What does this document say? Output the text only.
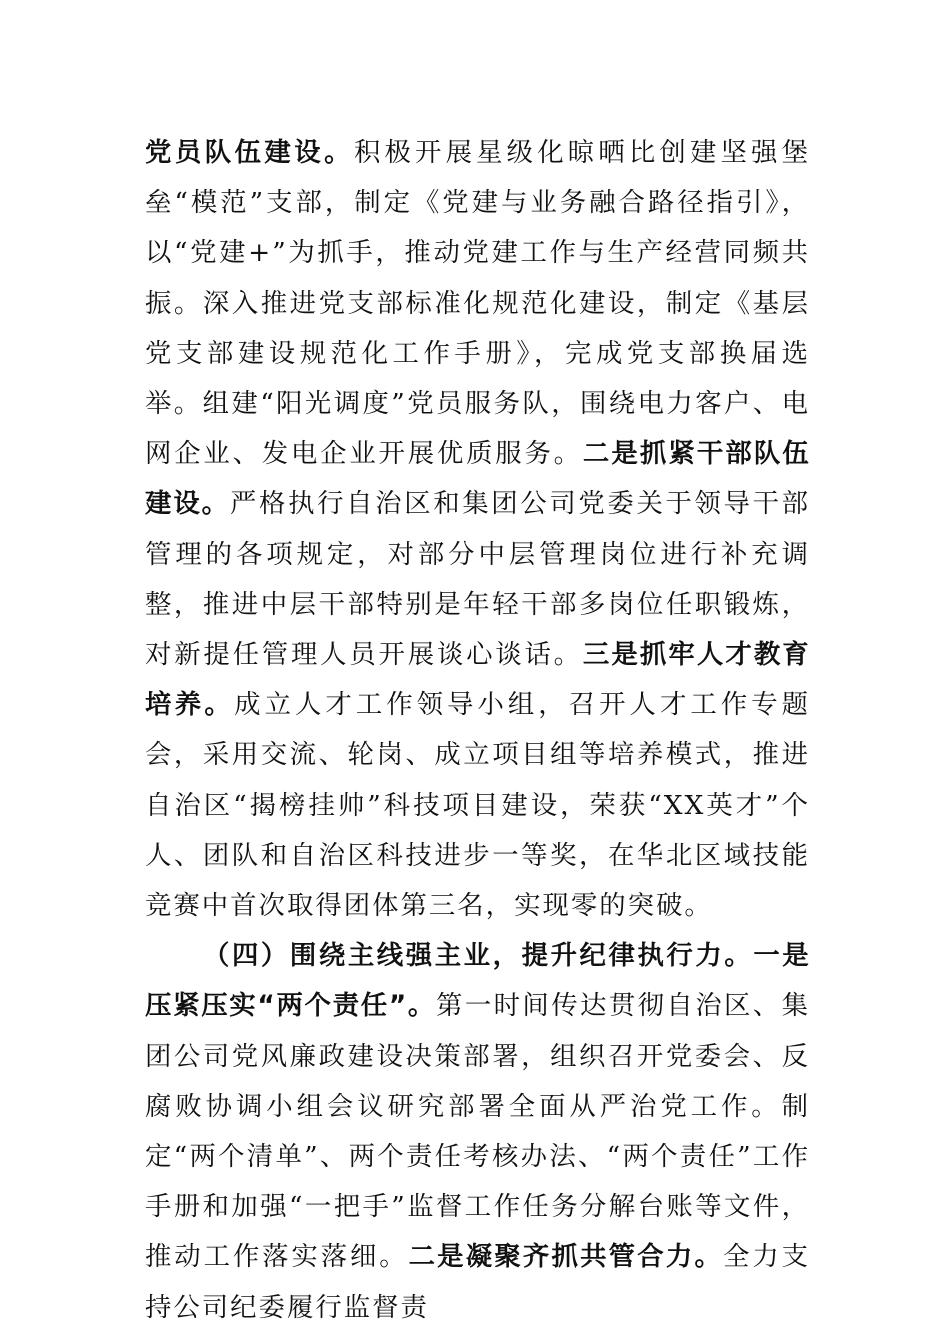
党员队伍建设。积极开展星级化晾晒比创建坚强堡垒“模范”支部，制定《党建与业务融合路径指引》，以“党建+”为抓手，推动党建工作与生产经营同频共振。深入推进党支部标准化规范化建设，制定《基层党支部建设规范化工作手册》，完成党支部换届选举。组建“阳光调度”党员服务队，围绕电力客户、电网企业、发电企业开展优质服务。二是抓紧干部队伍建设。严格执行自治区和集团公司党委关于领导干部管理的各项规定，对部分中层管理岗位进行补充调整，推进中层干部特别是年轻干部多岗位任职锻炼，对新提任管理人员开展谈心谈话。三是抓牢人才教育培养。成立人才工作领导小组，召开人才工作专题会，采用交流、轮岗、成立项目组等培养模式，推进自治区“揭榜挂帅”科技项目建设，荣获“XX英才”个人、团队和自治区科技进步一等奖，在华北区域技能竞赛中首次取得团体第三名，实现零的突破。

（四）围绕主线强主业，提升纪律执行力。一是压紧压实“两个责任”。第一时间传达贯彻自治区、集团公司党风廉政建设决策部署，组织召开党委会、反腐败协调小组会议研究部署全面从严治党工作。制定“两个清单”、两个责任考核办法、“两个责任”工作手册和加强“一把手”监督工作任务分解台账等文件，推动工作落实落细。二是凝聚齐抓共管合力。全力支持公司纪委履行监督责
